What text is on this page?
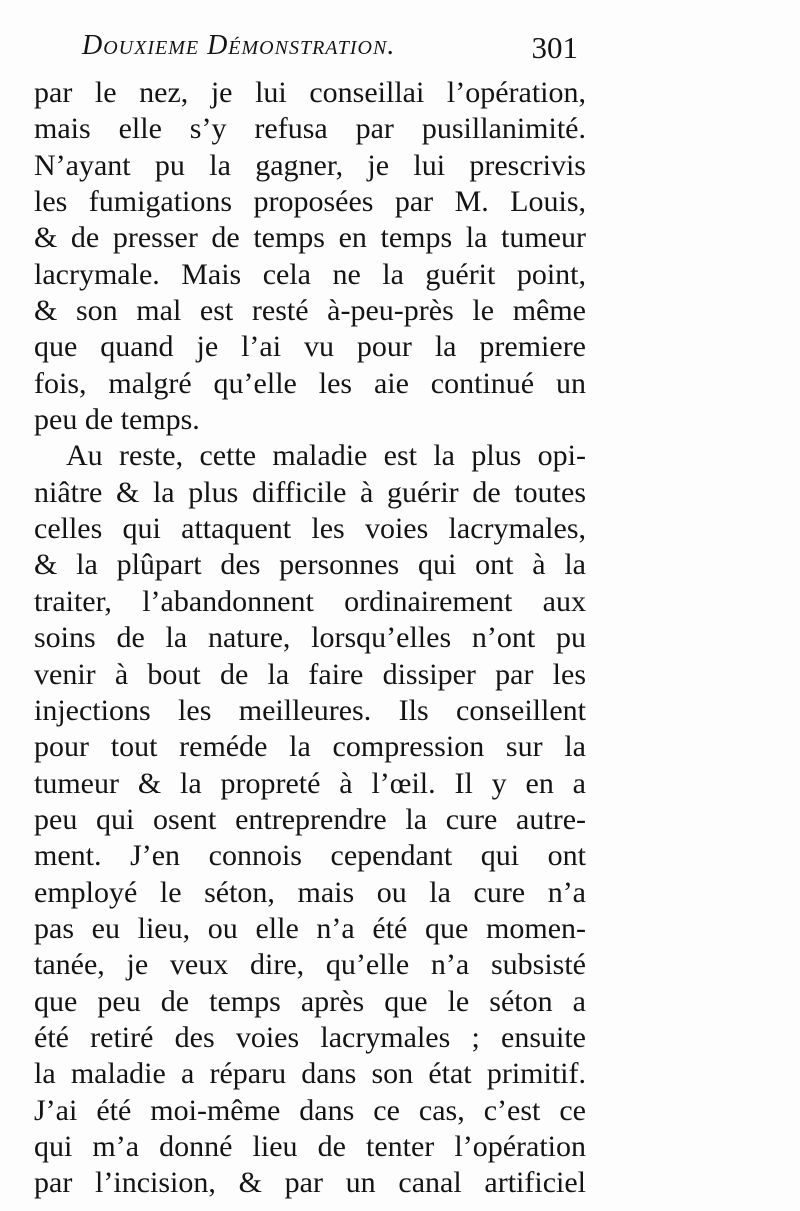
Douxieme Démonstration.	301
par le nez, je lui conseillai l’opération,
mais elle s’y refusa par pusillanimité.
N’ayant pu la gagner, je lui prescrivis
les fumigations proposées par M. Louis,
& de presser de temps en temps la tumeur
lacrymale. Mais cela ne la guérit point,
& son mal est resté à-peu-près le même
que quand je l’ai vu pour la premiere
fois, malgré qu’elle les aie continué un
peu de temps.
Au reste, cette maladie est la plus opi-
niâtre & la plus difficile à guérir de toutes
celles qui attaquent les voies lacrymales,
& la plûpart des personnes qui ont à la
traiter, l’abandonnent ordinairement aux
soins de la nature, lorsqu’elles n’ont pu
venir à bout de la faire dissiper par les
injections les meilleures. Ils conseillent
pour tout reméde la compression sur la
tumeur & la propreté à l’œil. Il y en a
peu qui osent entreprendre la cure autre-
ment. J’en connois cependant qui ont
employé le séton, mais ou la cure n’a
pas eu lieu, ou elle n’a été que momen-
tanée, je veux dire, qu’elle n’a subsisté
que peu de temps après que le séton a
été retiré des voies lacrymales ; ensuite
la maladie a réparu dans son état primitif.
J’ai été moi-même dans ce cas, c’est ce
qui m’a donné lieu de tenter l’opération
par l’incision, & par un canal artificiel
